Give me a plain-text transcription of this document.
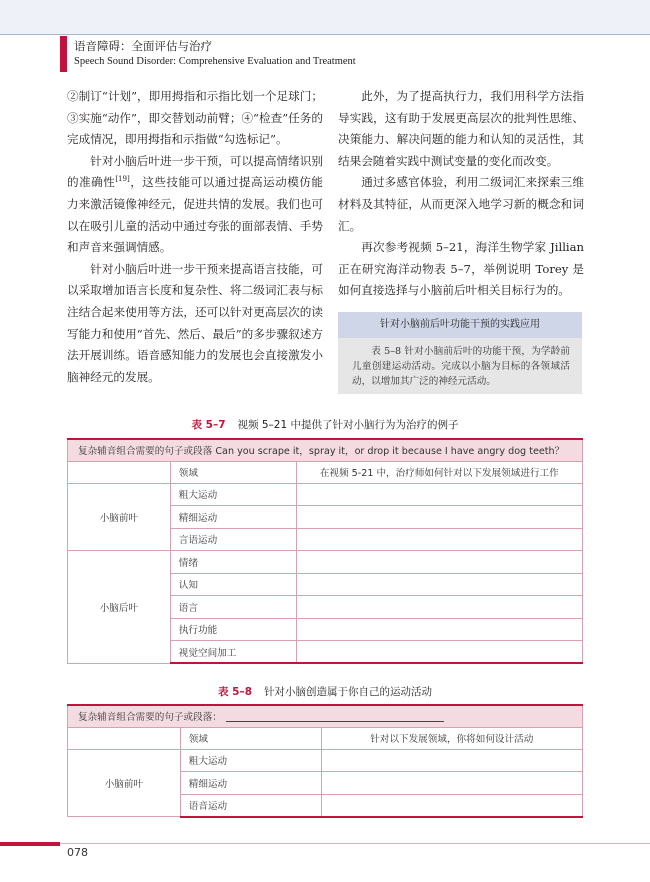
语音障碍：全面评估与治疗
Speech Sound Disorder: Comprehensive Evaluation and Treatment

②制订“计划”，即用拇指和示指比划一个足球门；③实施“动作”，即交替划动前臂；④“检查”任务的完成情况，即用拇指和示指做“勾选标记”。

针对小脑后叶进一步干预，可以提高情绪识别的准确性[19]，这些技能可以通过提高运动模仿能力来激活镜像神经元，促进共情的发展。我们也可以在吸引儿童的活动中通过夸张的面部表情、手势和声音来强调情感。

针对小脑后叶进一步干预来提高语言技能，可以采取增加语言长度和复杂性、将二级词汇表与标注结合起来使用等方法，还可以针对更高层次的读写能力和使用“首先、然后、最后”的多步骤叙述方法开展训练。语音感知能力的发展也会直接激发小脑神经元的发展。

此外，为了提高执行力，我们用科学方法指导实践，这有助于发展更高层次的批判性思维、决策能力、解决问题的能力和认知的灵活性，其结果会随着实践中测试变量的变化而改变。

通过多感官体验，利用二级词汇来探索三维材料及其特征，从而更深入地学习新的概念和词汇。

再次参考视频 5–21，海洋生物学家 Jillian 正在研究海洋动物表 5–7，举例说明 Torey 是如何直接选择与小脑前后叶相关目标行为的。

针对小脑前后叶功能干预的实践应用
表 5–8 针对小脑前后叶的功能干预，为学龄前儿童创建运动活动。完成以小脑为目标的各领域活动，以增加其广泛的神经元活动。
表 5–7 视频 5–21 中提供了针对小脑行为为治疗的例子
复杂辅音组合需要的句子或段落 Can you scrape it，spray it，or drop it because I have angry dog teeth？		
	领域	在视频 5-21 中，治疗师如何针对以下发展领域进行工作
小脑前叶	粗大运动	
	精细运动	
	言语运动	
小脑后叶	情绪	
	认知	
	语言	
	执行功能	
	视觉空间加工	
表 5–8 针对小脑创造属于你自己的运动活动
复杂辅音组合需要的句子或段落：		
	领域	针对以下发展领域，你将如何设计活动
小脑前叶	粗大运动	
	精细运动	
	语音运动	
078
